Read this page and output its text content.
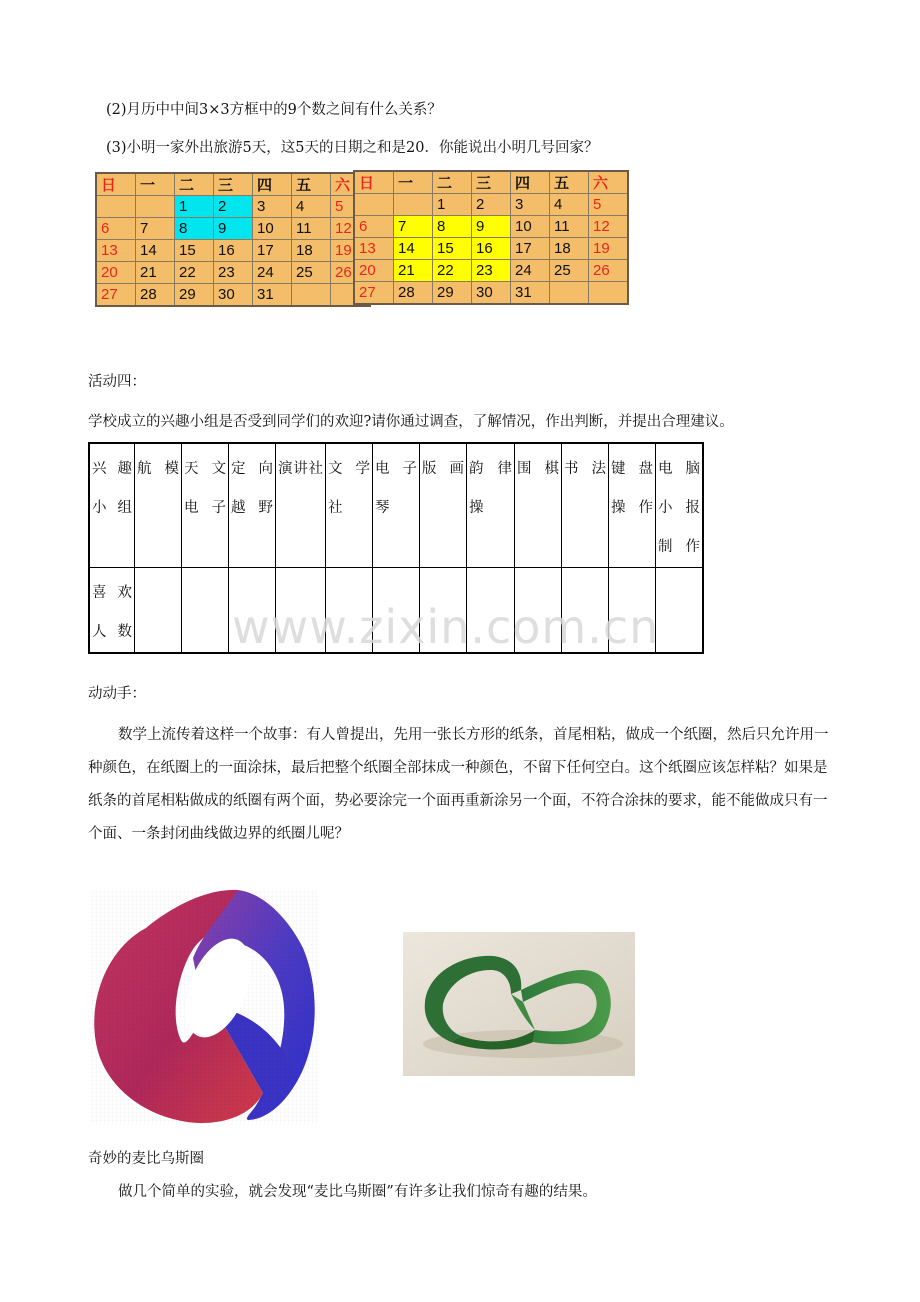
(2)月历中中间3×3方框中的9个数之间有什么关系？
(3)小明一家外出旅游5天，这5天的日期之和是20．你能说出小明几号回家？
日	一	二	三	四	五	六
		1	2	3	4	5
6	7	8	9	10	11	12
13	14	15	16	17	18	19
20	21	22	23	24	25	26
27	28	29	30	31		
日	一	二	三	四	五	六
		1	2	3	4	5
6	7	8	9	10	11	12
13	14	15	16	17	18	19
20	21	22	23	24	25	26
27	28	29	30	31		
活动四：
学校成立的兴趣小组是否受到同学们的欢迎?请你通过调查，了解情况，作出判断，并提出合理建议。
兴趣小组	航模	天文电子	定向越野	演讲社	文学社	电子琴	版画	韵律操	围棋	书法	键盘操作	电脑小报制作
喜欢人数												www.zixin.com.cn
动动手：
数学上流传着这样一个故事：有人曾提出，先用一张长方形的纸条，首尾相粘，做成一个纸圈，然后只允许用一种颜色，在纸圈上的一面涂抹，最后把整个纸圈全部抹成一种颜色，不留下任何空白。这个纸圈应该怎样粘？如果是纸条的首尾相粘做成的纸圈有两个面，势必要涂完一个面再重新涂另一个面，不符合涂抹的要求，能不能做成只有一个面、一条封闭曲线做边界的纸圈儿呢？
奇妙的麦比乌斯圈
做几个简单的实验，就会发现“麦比乌斯圈”有许多让我们惊奇有趣的结果。
